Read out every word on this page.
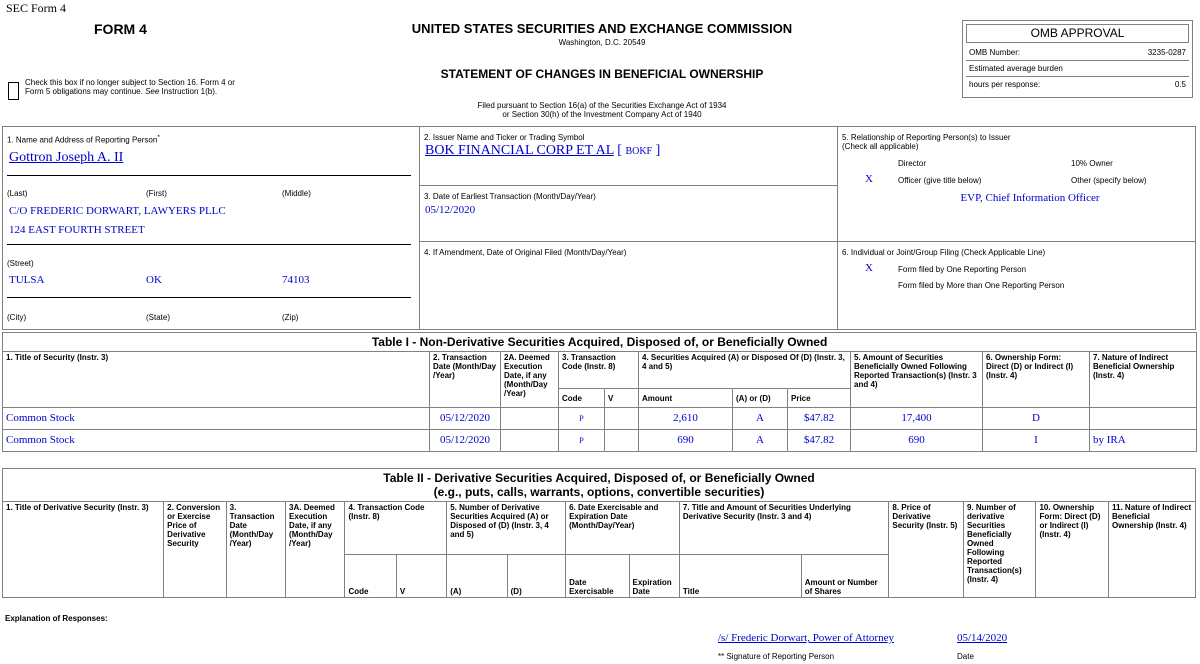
SEC Form 4
FORM 4	UNITED STATES SECURITIES AND EXCHANGE COMMISSION
Washington, D.C. 20549
STATEMENT OF CHANGES IN BENEFICIAL OWNERSHIP
Filed pursuant to Section 16(a) of the Securities Exchange Act of 1934
or Section 30(h) of the Investment Company Act of 1940
Check this box if no longer subject to Section 16. Form 4 or Form 5 obligations may continue. See Instruction 1(b).
OMB APPROVAL
OMB Number:	3235-0287
Estimated average burden
hours per response:	0.5
1. Name and Address of Reporting Person*
Gottron Joseph A. II
(Last)	(First)	(Middle)
C/O FREDERIC DORWART, LAWYERS PLLC
124 EAST FOURTH STREET
(Street)
TULSA	OK	74103
(City)	(State)	(Zip)
2. Issuer Name and Ticker or Trading Symbol
BOK FINANCIAL CORP ET AL [ BOKF ]
3. Date of Earliest Transaction (Month/Day/Year)
05/12/2020
4. If Amendment, Date of Original Filed (Month/Day/Year)
5. Relationship of Reporting Person(s) to Issuer
(Check all applicable)
Director	10% Owner
X	Officer (give title below)	Other (specify below)
EVP, Chief Information Officer
6. Individual or Joint/Group Filing (Check Applicable Line)
X	Form filed by One Reporting Person
Form filed by More than One Reporting Person
Table I - Non-Derivative Securities Acquired, Disposed of, or Beneficially Owned										
1. Title of Security (Instr. 3)	2. Transaction Date (Month/Day /Year)	2A. Deemed Execution Date, if any (Month/Day /Year)	3. Transaction Code (Instr. 8)		4. Securities Acquired (A) or Disposed Of (D) (Instr. 3, 4 and 5)			5. Amount of Securities Beneficially Owned Following Reported Transaction(s) (Instr. 3 and 4)	6. Ownership Form: Direct (D) or Indirect (I) (Instr. 4)	7. Nature of Indirect Beneficial Ownership (Instr. 4)
			Code	V	Amount	(A) or (D)	Price			
Common Stock	05/12/2020		P		2,610	A	$47.82	17,400	D	
Common Stock	05/12/2020		P		690	A	$47.82	690	I	by IRA
Table II - Derivative Securities Acquired, Disposed of, or Beneficially Owned
(e.g., puts, calls, warrants, options, convertible securities)															

1. Title of Derivative Security (Instr. 3)	2. Conversion or Exercise Price of Derivative Security	3. Transaction Date (Month/Day /Year)	3A. Deemed Execution Date, if any (Month/Day /Year)	4. Transaction Code (Instr. 8)		5. Number of Derivative Securities Acquired (A) or Disposed of (D) (Instr. 3, 4 and 5)		6. Date Exercisable and Expiration Date (Month/Day/Year)		7. Title and Amount of Securities Underlying Derivative Security (Instr. 3 and 4)		8. Price of Derivative Security (Instr. 5)	9. Number of derivative Securities Beneficially Owned Following Reported Transaction(s) (Instr. 4)	10. Ownership Form: Direct (D) or Indirect (I) (Instr. 4)	11. Nature of Indirect Beneficial Ownership (Instr. 4)
				Code	V	(A)	(D)	Date Exercisable	Expiration Date	Title	Amount or Number of Shares				
Explanation of Responses:
/s/ Frederic Dorwart, Power of Attorney	05/14/2020
** Signature of Reporting Person	Date
